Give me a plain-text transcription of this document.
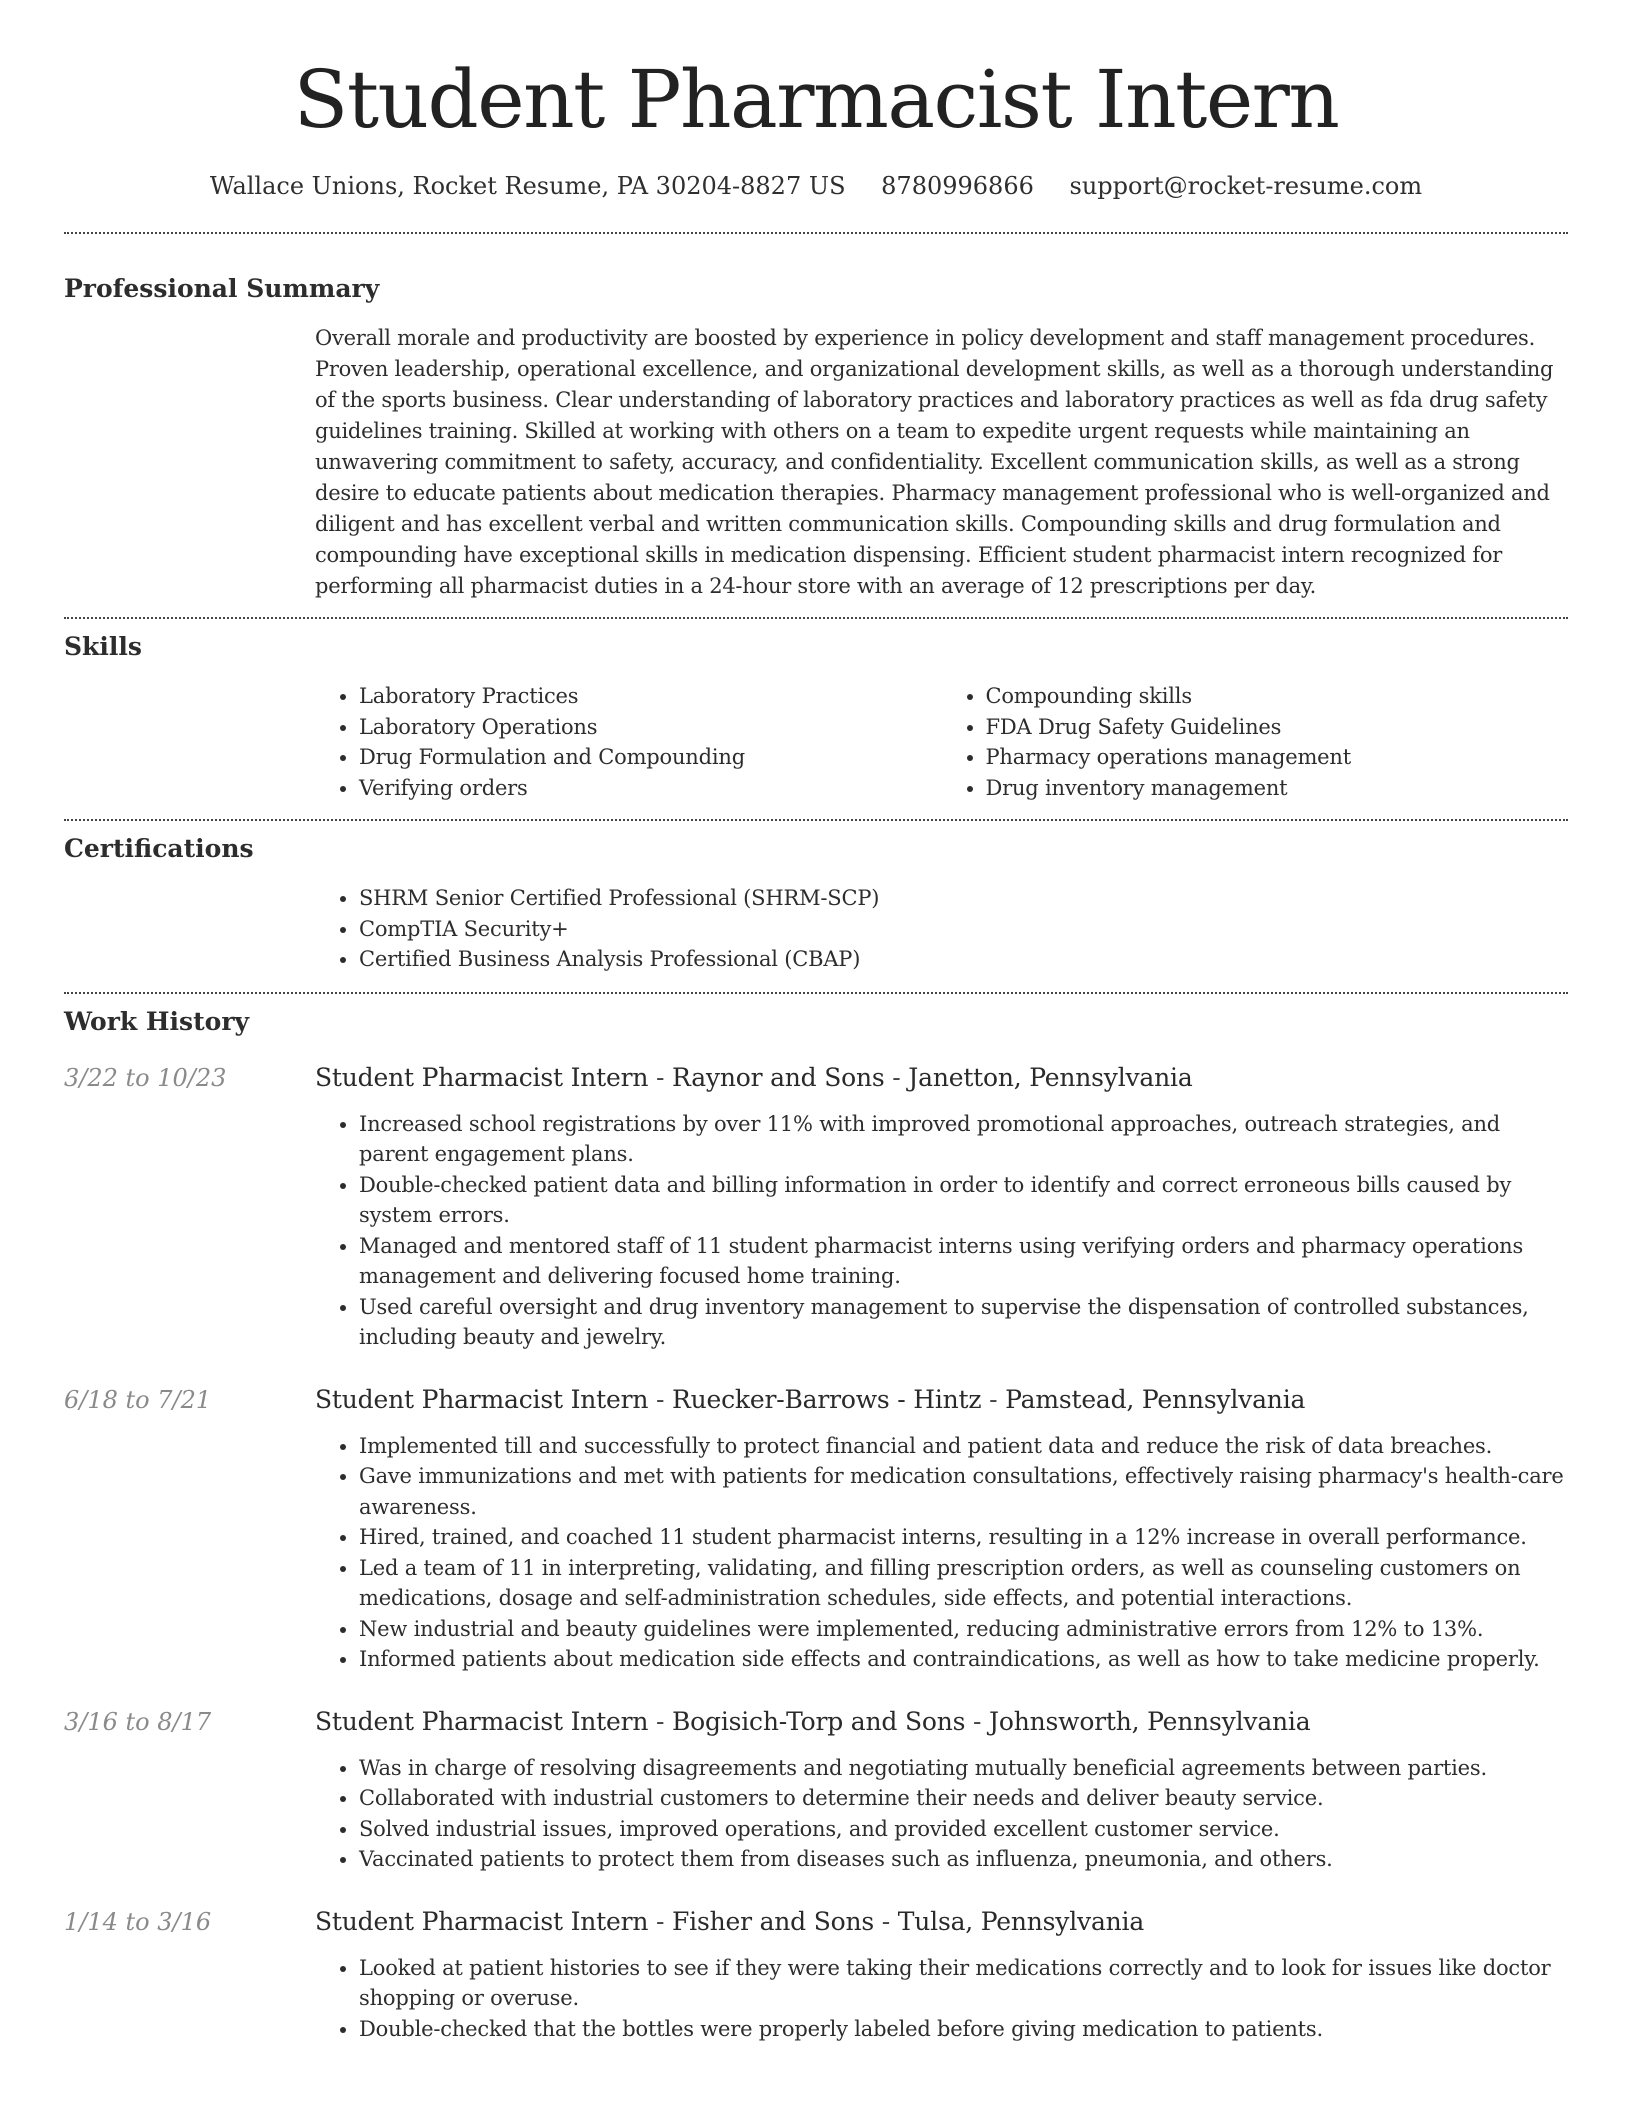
Student Pharmacist Intern
Wallace Unions, Rocket Resume, PA 30204-8827 US 8780996866 support@rocket-resume.com
Professional Summary

Overall morale and productivity are boosted by experience in policy development and staff management procedures. Proven leadership, operational excellence, and organizational development skills, as well as a thorough understanding of the sports business. Clear understanding of laboratory practices and laboratory practices as well as fda drug safety guidelines training. Skilled at working with others on a team to expedite urgent requests while maintaining an unwavering commitment to safety, accuracy, and confidentiality. Excellent communication skills, as well as a strong desire to educate patients about medication therapies. Pharmacy management professional who is well-organized and diligent and has excellent verbal and written communication skills. Compounding skills and drug formulation and compounding have exceptional skills in medication dispensing. Efficient student pharmacist intern recognized for performing all pharmacist duties in a 24-hour store with an average of 12 prescriptions per day.

Skills
• Laboratory Practices
• Laboratory Operations
• Drug Formulation and Compounding
• Verifying orders
• Compounding skills
• FDA Drug Safety Guidelines
• Pharmacy operations management
• Drug inventory management
Certifications
• SHRM Senior Certified Professional (SHRM-SCP)
• CompTIA Security+
• Certified Business Analysis Professional (CBAP)
Work History
3/22 to 10/23	Student Pharmacist Intern - Raynor and Sons - Janetton, Pennsylvania
• Increased school registrations by over 11% with improved promotional approaches, outreach strategies, and parent engagement plans.
• Double-checked patient data and billing information in order to identify and correct erroneous bills caused by system errors.
• Managed and mentored staff of 11 student pharmacist interns using verifying orders and pharmacy operations management and delivering focused home training.
• Used careful oversight and drug inventory management to supervise the dispensation of controlled substances, including beauty and jewelry.
6/18 to 7/21	Student Pharmacist Intern - Ruecker-Barrows - Hintz - Pamstead, Pennsylvania
• Implemented till and successfully to protect financial and patient data and reduce the risk of data breaches.
• Gave immunizations and met with patients for medication consultations, effectively raising pharmacy's health-care awareness.
• Hired, trained, and coached 11 student pharmacist interns, resulting in a 12% increase in overall performance.
• Led a team of 11 in interpreting, validating, and filling prescription orders, as well as counseling customers on medications, dosage and self-administration schedules, side effects, and potential interactions.
• New industrial and beauty guidelines were implemented, reducing administrative errors from 12% to 13%.
• Informed patients about medication side effects and contraindications, as well as how to take medicine properly.
3/16 to 8/17	Student Pharmacist Intern - Bogisich-Torp and Sons - Johnsworth, Pennsylvania
• Was in charge of resolving disagreements and negotiating mutually beneficial agreements between parties.
• Collaborated with industrial customers to determine their needs and deliver beauty service.
• Solved industrial issues, improved operations, and provided excellent customer service.
• Vaccinated patients to protect them from diseases such as influenza, pneumonia, and others.
1/14 to 3/16	Student Pharmacist Intern - Fisher and Sons - Tulsa, Pennsylvania
• Looked at patient histories to see if they were taking their medications correctly and to look for issues like doctor shopping or overuse.
• Double-checked that the bottles were properly labeled before giving medication to patients.
